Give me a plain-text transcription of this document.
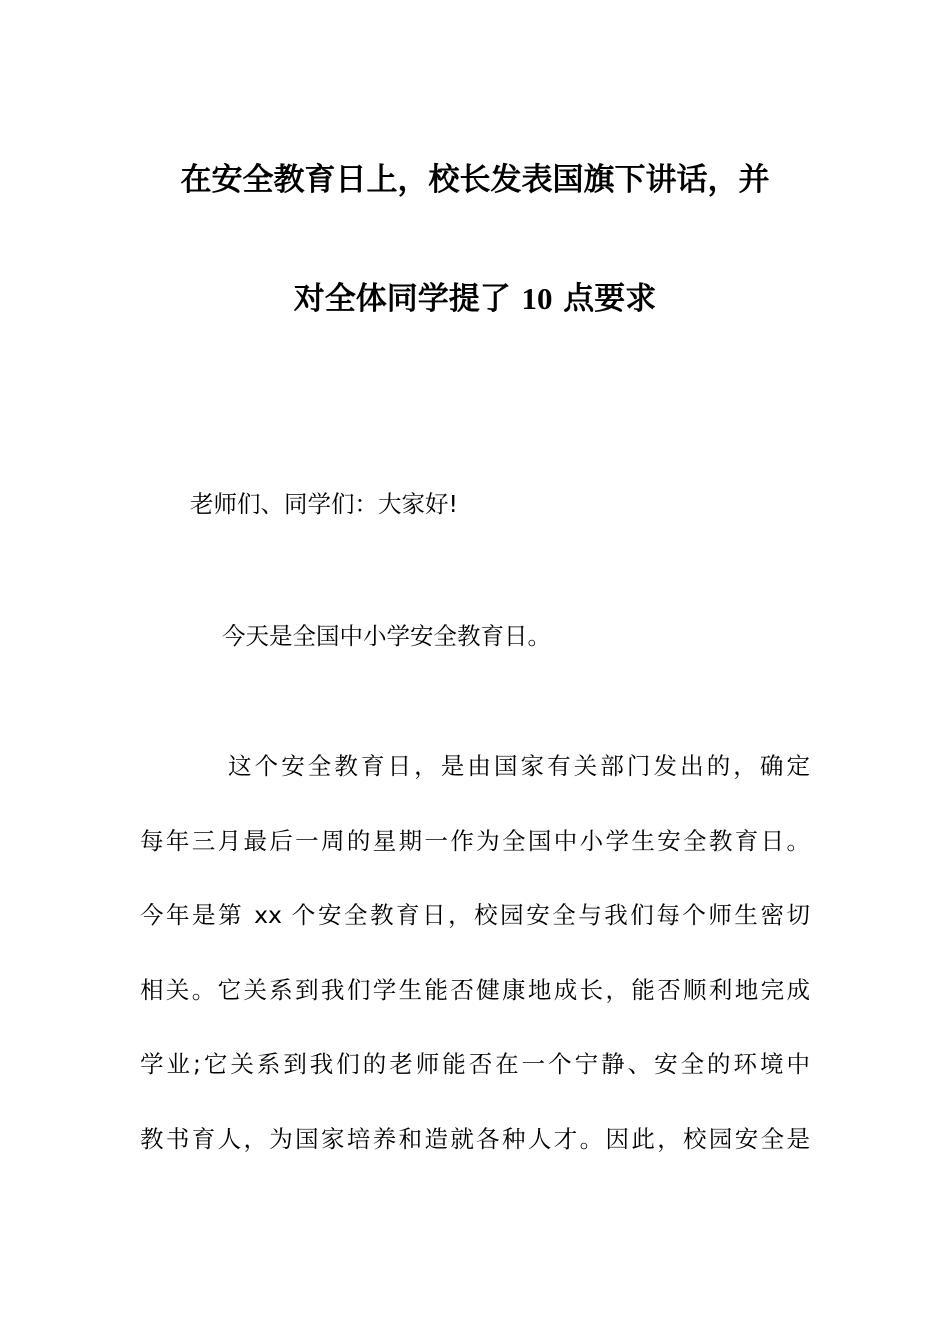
在安全教育日上，校长发表国旗下讲话，并
对全体同学提了 10 点要求
老师们、同学们：大家好!
今天是全国中小学安全教育日。
这个安全教育日，是由国家有关部门发出的，确定
每年三月最后一周的星期一作为全国中小学生安全教育日。
今年是第 xx 个安全教育日，校园安全与我们每个师生密切
相关。它关系到我们学生能否健康地成长，能否顺利地完成
学业;它关系到我们的老师能否在一个宁静、安全的环境中
教书育人，为国家培养和造就各种人才。因此，校园安全是
